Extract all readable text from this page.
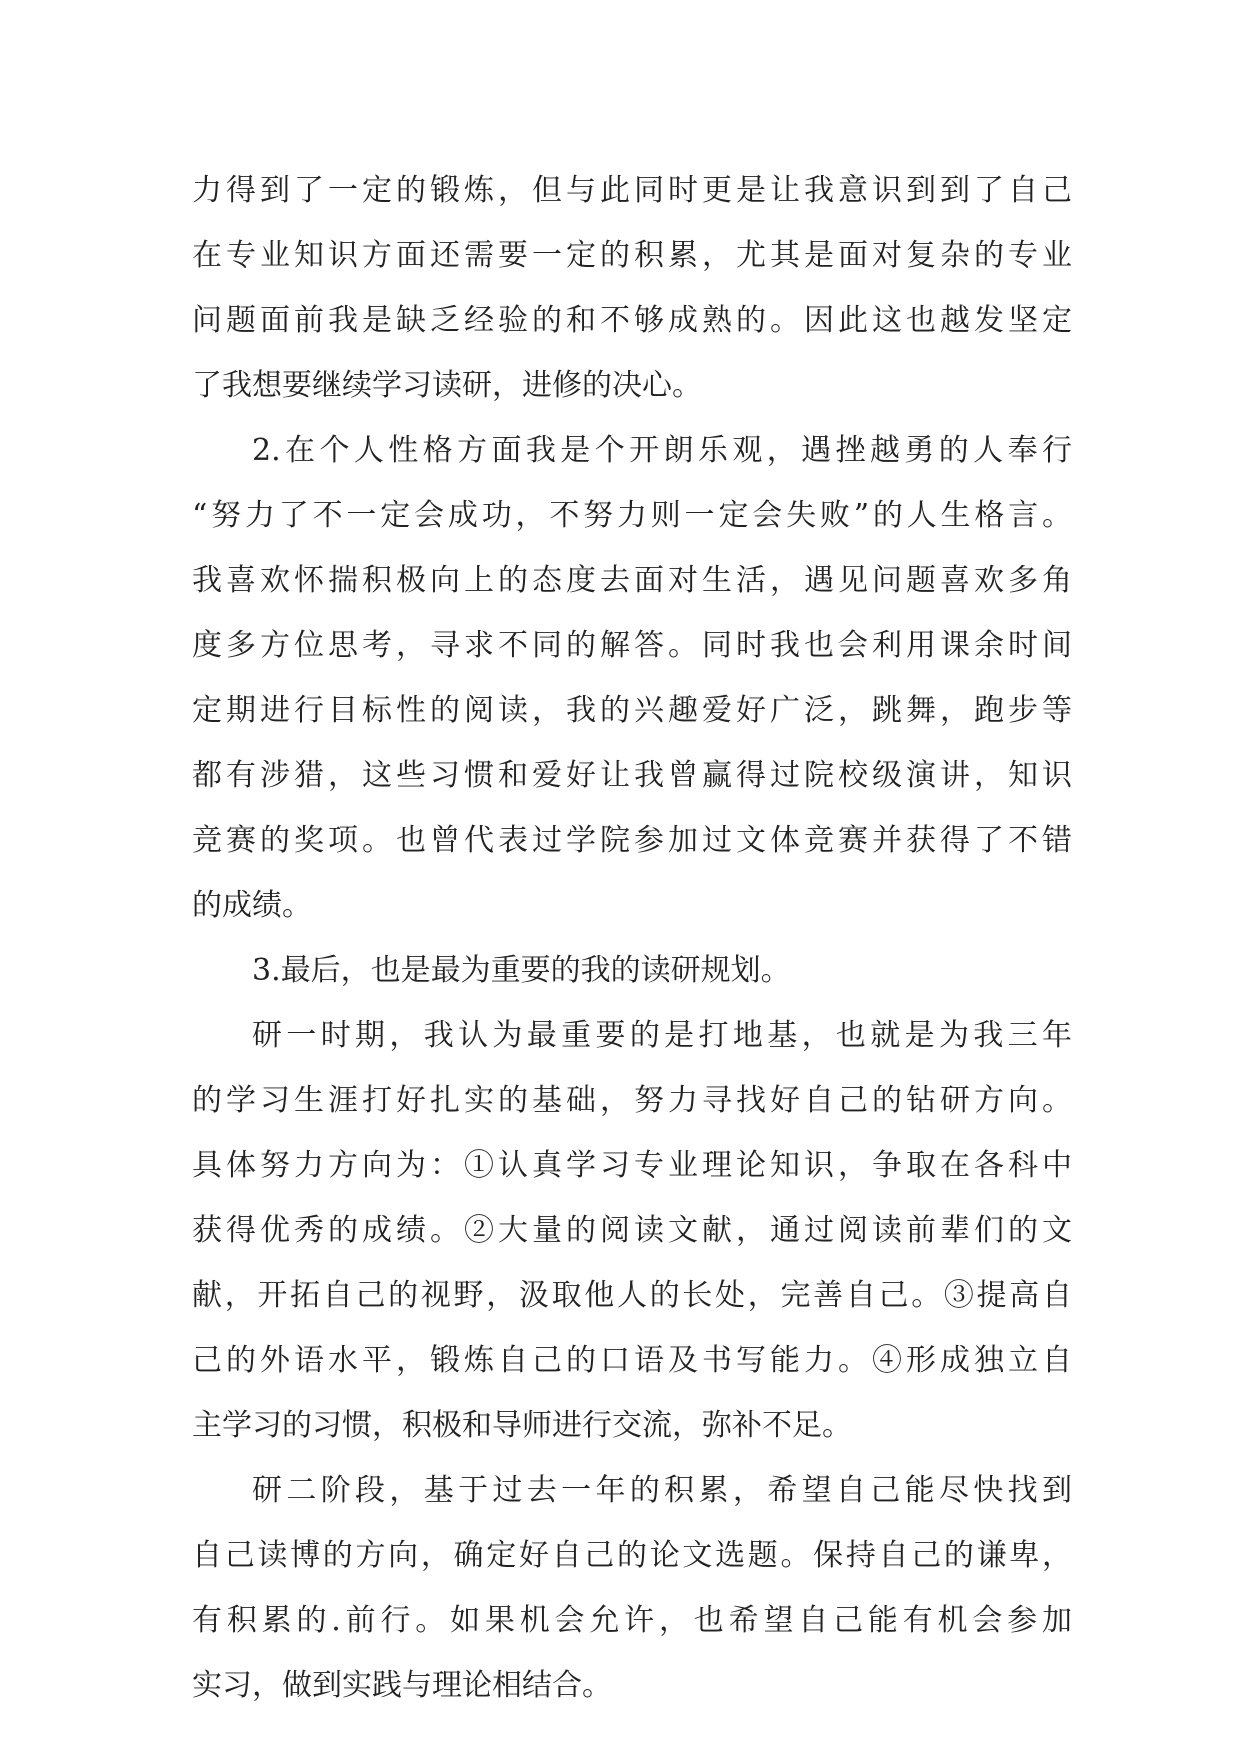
力得到了一定的锻炼，但与此同时更是让我意识到到了自己
在专业知识方面还需要一定的积累，尤其是面对复杂的专业
问题面前我是缺乏经验的和不够成熟的。因此这也越发坚定
了我想要继续学习读研，进修的决心。
2.在个人性格方面我是个开朗乐观，遇挫越勇的人奉行
“努力了不一定会成功，不努力则一定会失败”的人生格言。
我喜欢怀揣积极向上的态度去面对生活，遇见问题喜欢多角
度多方位思考，寻求不同的解答。同时我也会利用课余时间
定期进行目标性的阅读，我的兴趣爱好广泛，跳舞，跑步等
都有涉猎，这些习惯和爱好让我曾赢得过院校级演讲，知识
竞赛的奖项。也曾代表过学院参加过文体竞赛并获得了不错
的成绩。
3.最后，也是最为重要的我的读研规划。
研一时期，我认为最重要的是打地基，也就是为我三年
的学习生涯打好扎实的基础，努力寻找好自己的钻研方向。
具体努力方向为：①认真学习专业理论知识，争取在各科中
获得优秀的成绩。②大量的阅读文献，通过阅读前辈们的文
献，开拓自己的视野，汲取他人的长处，完善自己。③提高自
己的外语水平，锻炼自己的口语及书写能力。④形成独立自
主学习的习惯，积极和导师进行交流，弥补不足。
研二阶段，基于过去一年的积累，希望自己能尽快找到
自己读博的方向，确定好自己的论文选题。保持自己的谦卑，
有积累的.前行。如果机会允许，也希望自己能有机会参加
实习，做到实践与理论相结合。
